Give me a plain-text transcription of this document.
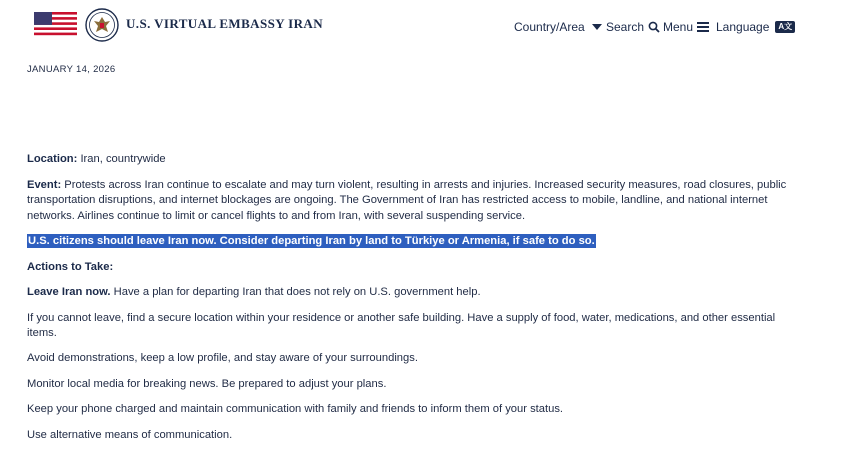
U.S. VIRTUAL EMBASSY IRAN	Country/Area Search Menu Language	A文
JANUARY 14, 2026

Location: Iran, countrywide

Event: Protests across Iran continue to escalate and may turn violent, resulting in arrests and injuries. Increased security measures, road closures, public transportation disruptions, and internet blockages are ongoing. The Government of Iran has restricted access to mobile, landline, and national internet networks. Airlines continue to limit or cancel flights to and from Iran, with several suspending service.

U.S. citizens should leave Iran now. Consider departing Iran by land to Türkiye or Armenia, if safe to do so.

Actions to Take:

Leave Iran now. Have a plan for departing Iran that does not rely on U.S. government help.

If you cannot leave, find a secure location within your residence or another safe building. Have a supply of food, water, medications, and other essential items.

Avoid demonstrations, keep a low profile, and stay aware of your surroundings.

Monitor local media for breaking news. Be prepared to adjust your plans.

Keep your phone charged and maintain communication with family and friends to inform them of your status.

Use alternative means of communication.
